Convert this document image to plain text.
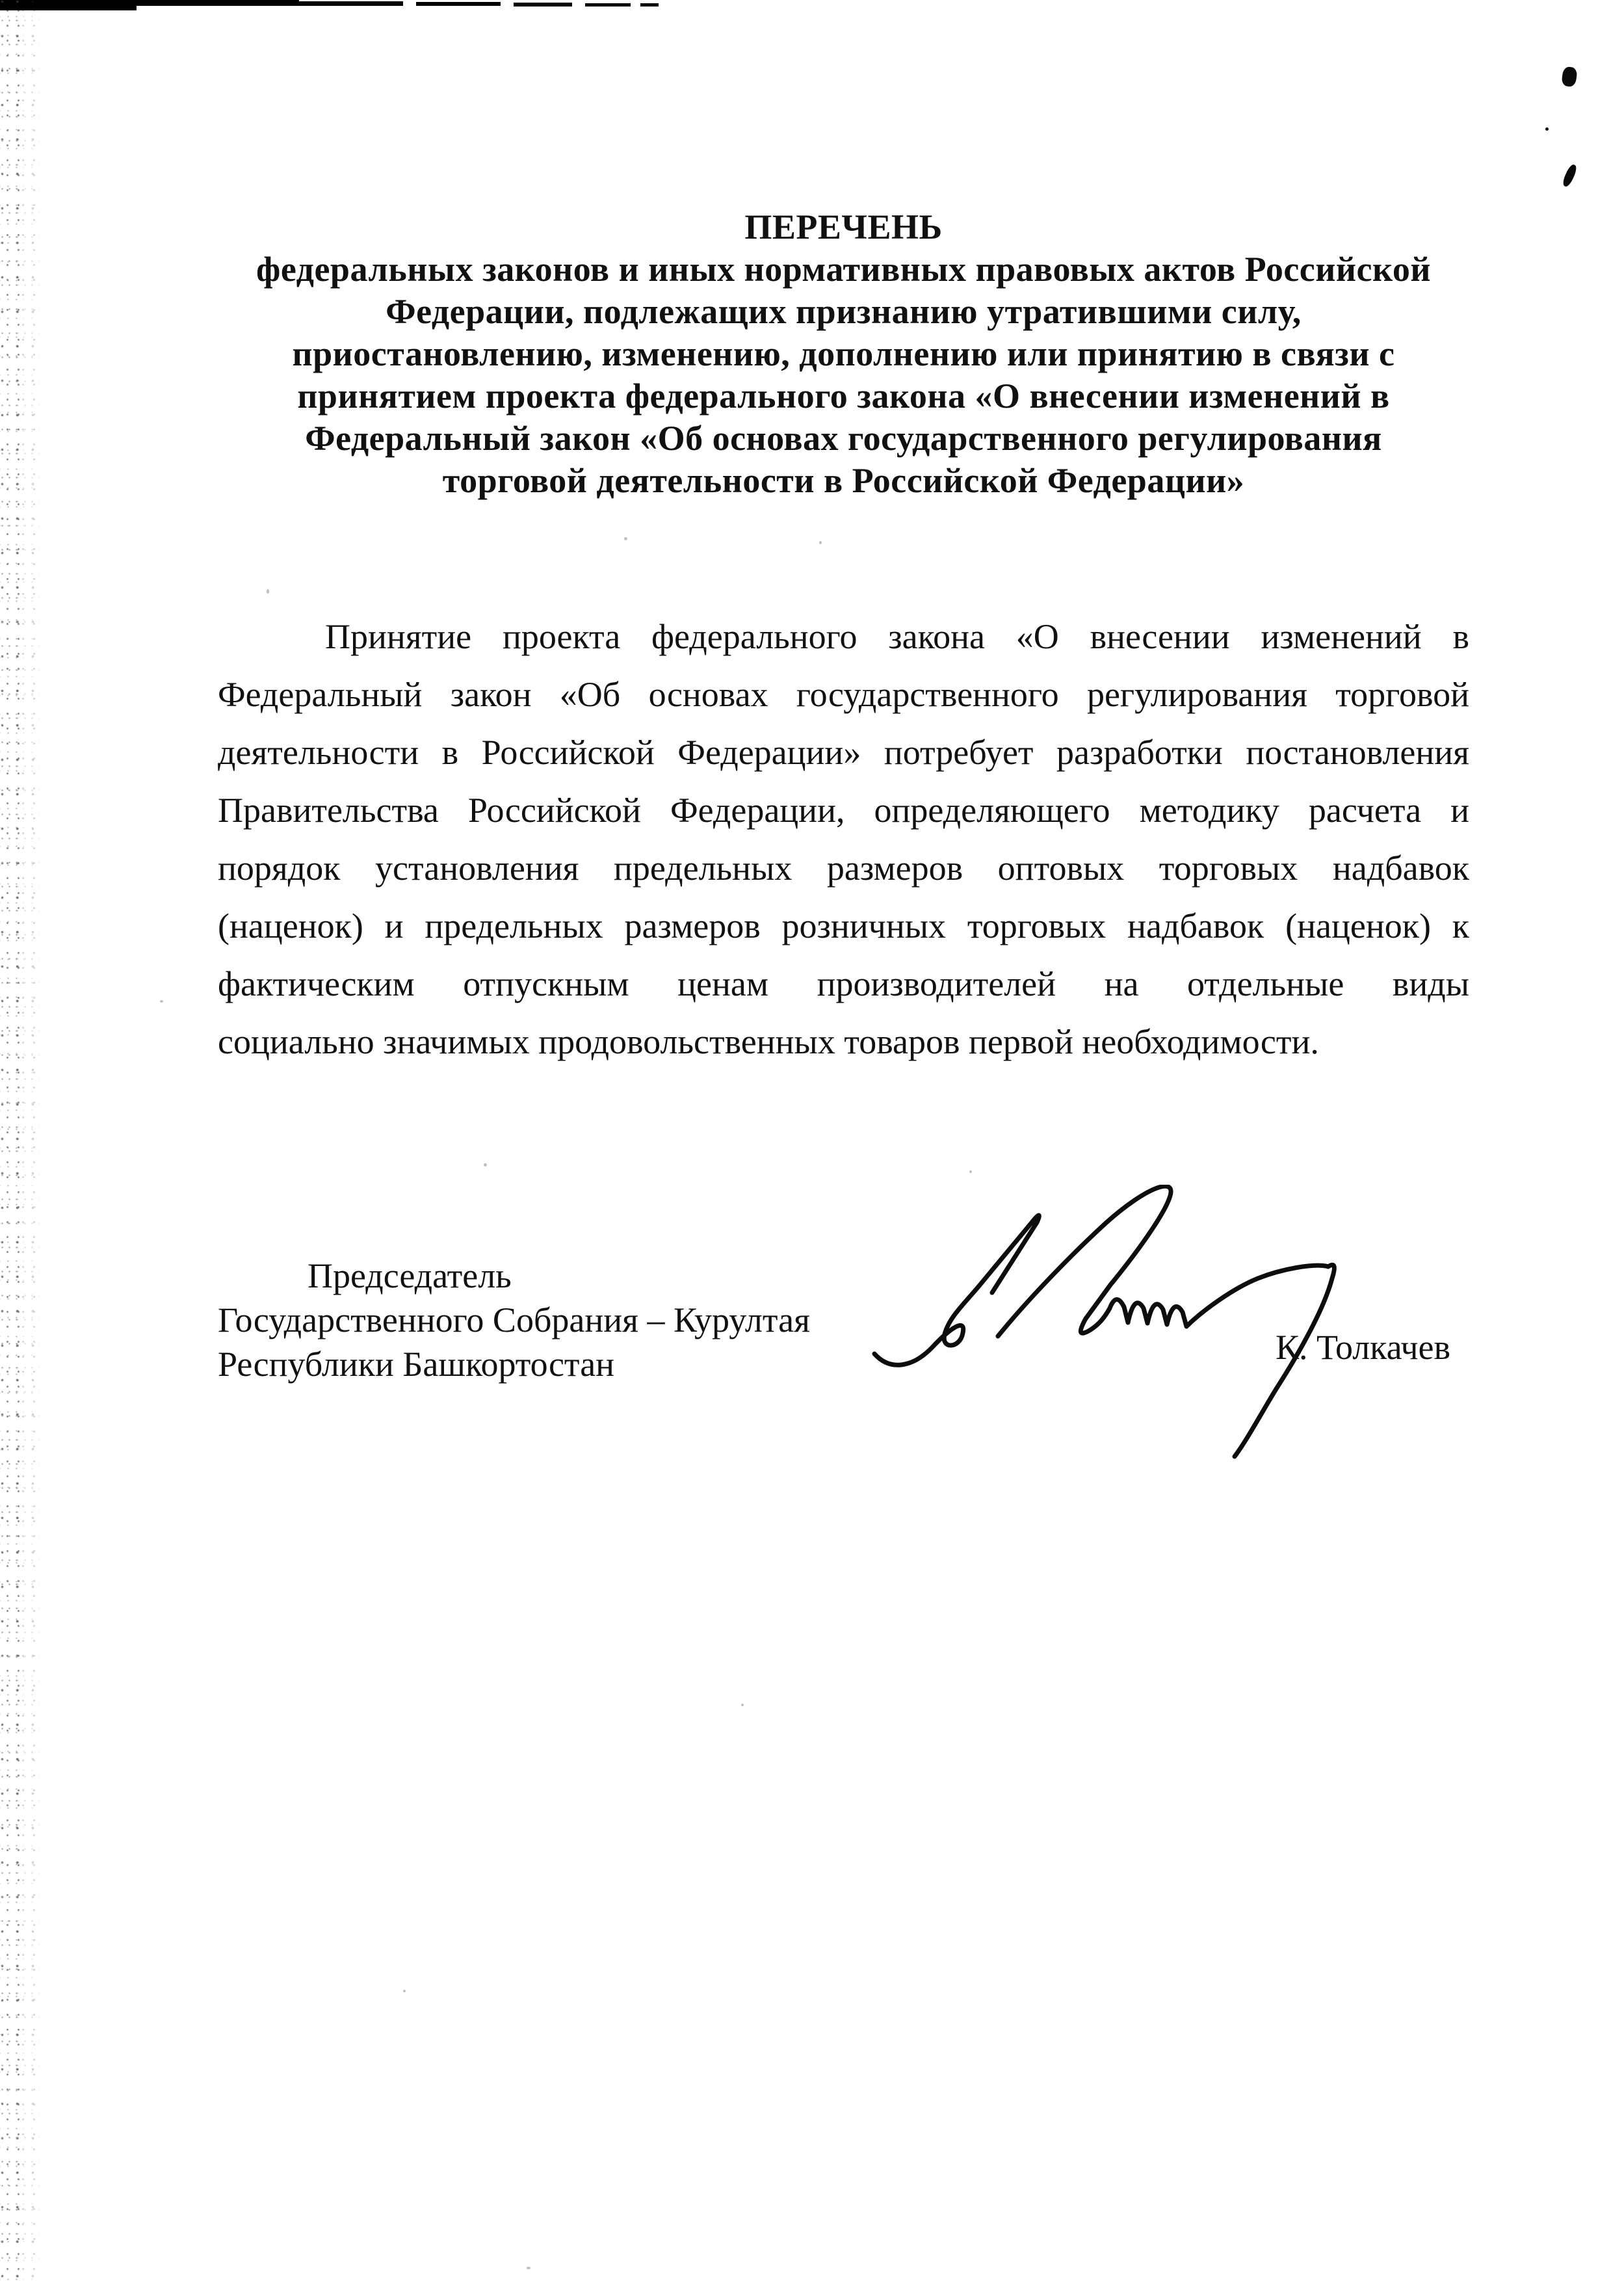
ПЕРЕЧЕНЬ
федеральных законов и иных нормативных правовых актов Российской
Федерации, подлежащих признанию утратившими силу,
приостановлению, изменению, дополнению или принятию в связи с
принятием проекта федерального закона «О внесении изменений в
Федеральный закон «Об основах государственного регулирования
торговой деятельности в Российской Федерации»
Принятие проекта федерального закона «О внесении изменений в
Федеральный закон «Об основах государственного регулирования торговой
деятельности в Российской Федерации» потребует разработки постановления
Правительства Российской Федерации, определяющего методику расчета и
порядок установления предельных размеров оптовых торговых надбавок
(наценок) и предельных размеров розничных торговых надбавок (наценок) к
фактическим отпускным ценам производителей на отдельные виды
социально значимых продовольственных товаров первой необходимости.
Председатель
Государственного Собрания – Курултая
Республики Башкортостан	К. Толкачев
